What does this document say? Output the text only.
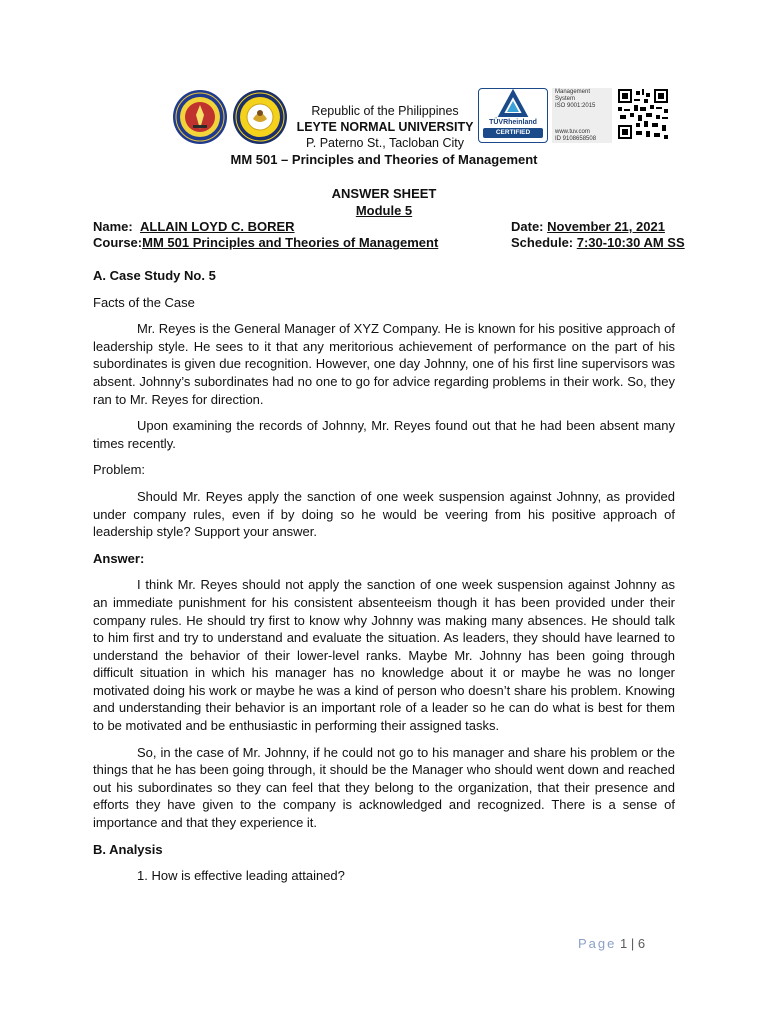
Republic of the Philippines
LEYTE NORMAL UNIVERSITY
P. Paterno St., Tacloban City
TÜVRheinland
CERTIFIED
Management
System
ISO 9001:2015
www.tuv.com
ID 9108658508
MM 501 – Principles and Theories of Management
ANSWER SHEET
Module 5
Name: ALLAIN LOYD C. BORER	Date: November 21, 2021
Course:MM 501 Principles and Theories of Management	Schedule: 7:30-10:30 AM SS

A. Case Study No. 5

Facts of the Case

Mr. Reyes is the General Manager of XYZ Company. He is known for his positive approach of leadership style. He sees to it that any meritorious achievement of performance on the part of his subordinates is given due recognition. However, one day Johnny, one of his first line supervisors was absent. Johnny’s subordinates had no one to go for advice regarding problems in their work. So, they ran to Mr. Reyes for direction.

Upon examining the records of Johnny, Mr. Reyes found out that he had been absent many times recently.

Problem:

Should Mr. Reyes apply the sanction of one week suspension against Johnny, as provided under company rules, even if by doing so he would be veering from his positive approach of leadership style? Support your answer.

Answer:

I think Mr. Reyes should not apply the sanction of one week suspension against Johnny as an immediate punishment for his consistent absenteeism though it has been provided under their company rules. He should try first to know why Johnny was making many absences. He should talk to him first and try to understand and evaluate the situation. As leaders, they should have learned to understand the behavior of their lower-level ranks. Maybe Mr. Johnny has been going through difficult situation in which his manager has no knowledge about it or maybe he was no longer motivated doing his work or maybe he was a kind of person who doesn’t share his problem. Knowing and understanding their behavior is an important role of a leader so he can do what is best for them to be motivated and be enthusiastic in performing their assigned tasks.

So, in the case of Mr. Johnny, if he could not go to his manager and share his problem or the things that he has been going through, it should be the Manager who should went down and reached out his subordinates so they can feel that they belong to the organization, that their presence and efforts they have given to the company is acknowledged and recognized. There is a sense of importance and that they experience it.

B. Analysis

1. How is effective leading attained?

Page 1 | 6
